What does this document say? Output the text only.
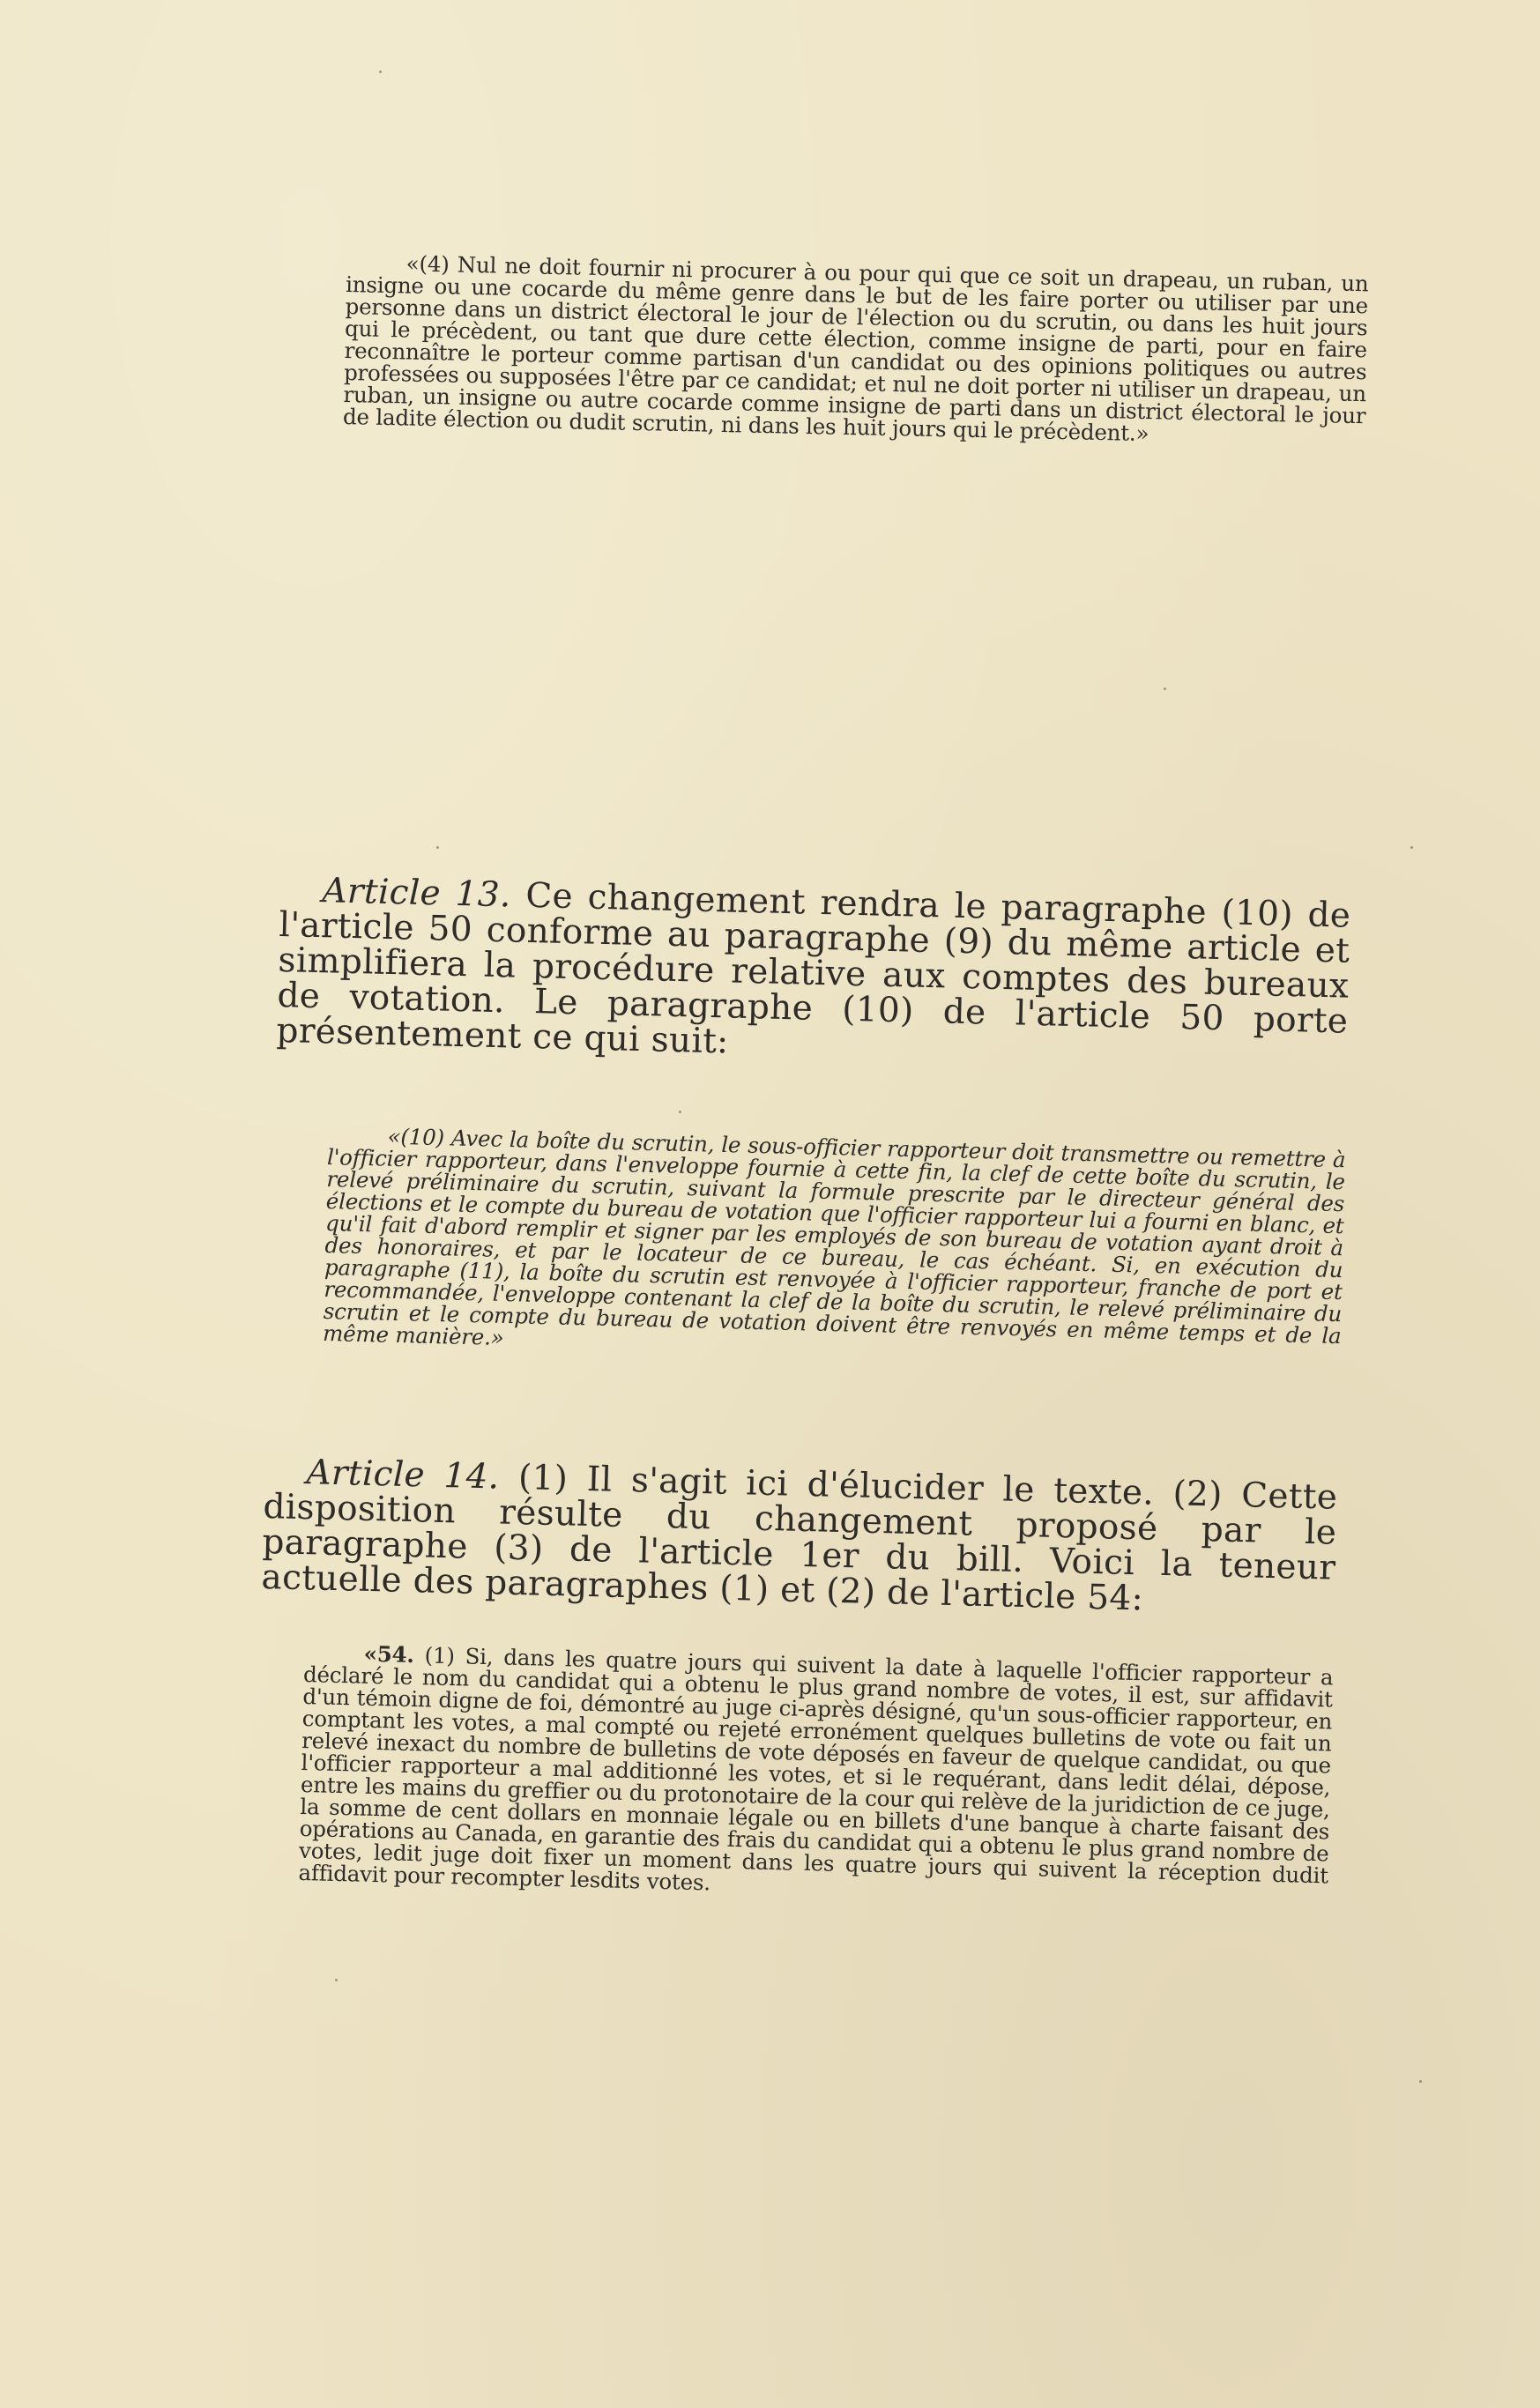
«(4) Nul ne doit fournir ni procurer à ou pour qui que ce soit un drapeau, un ruban, un insigne ou une cocarde du même genre dans le but de les faire porter ou utiliser par une personne dans un district électoral le jour de l'élection ou du scrutin, ou dans les huit jours qui le précèdent, ou tant que dure cette élection, comme insigne de parti, pour en faire reconnaître le porteur comme partisan d'un candidat ou des opinions politiques ou autres professées ou supposées l'être par ce candidat; et nul ne doit porter ni utiliser un drapeau, un ruban, un insigne ou autre cocarde comme insigne de parti dans un district électoral le jour de ladite élection ou dudit scrutin, ni dans les huit jours qui le précèdent.»

Article 13. Ce changement rendra le paragraphe (10) de l'article 50 conforme au paragraphe (9) du même article et simplifiera la procédure relative aux comptes des bureaux de votation. Le paragraphe (10) de l'article 50 porte présentement ce qui suit:

«(10) Avec la boîte du scrutin, le sous-officier rapporteur doit transmettre ou remettre à l'officier rapporteur, dans l'enveloppe fournie à cette fin, la clef de cette boîte du scrutin, le relevé préliminaire du scrutin, suivant la formule prescrite par le directeur général des élections et le compte du bureau de votation que l'officier rapporteur lui a fourni en blanc, et qu'il fait d'abord remplir et signer par les employés de son bureau de votation ayant droit à des honoraires, et par le locateur de ce bureau, le cas échéant. Si, en exécution du paragraphe (11), la boîte du scrutin est renvoyée à l'officier rapporteur, franche de port et recommandée, l'enveloppe contenant la clef de la boîte du scrutin, le relevé préliminaire du scrutin et le compte du bureau de votation doivent être renvoyés en même temps et de la même manière.»

Article 14. (1) Il s'agit ici d'élucider le texte. (2) Cette disposition résulte du changement proposé par le paragraphe (3) de l'article 1er du bill. Voici la teneur actuelle des paragraphes (1) et (2) de l'article 54:

«54. (1) Si, dans les quatre jours qui suivent la date à laquelle l'officier rapporteur a déclaré le nom du candidat qui a obtenu le plus grand nombre de votes, il est, sur affidavit d'un témoin digne de foi, démontré au juge ci-après désigné, qu'un sous-officier rapporteur, en comptant les votes, a mal compté ou rejeté erronément quelques bulletins de vote ou fait un relevé inexact du nombre de bulletins de vote déposés en faveur de quelque candidat, ou que l'officier rapporteur a mal additionné les votes, et si le requérant, dans ledit délai, dépose, entre les mains du greffier ou du protonotaire de la cour qui relève de la juridiction de ce juge, la somme de cent dollars en monnaie légale ou en billets d'une banque à charte faisant des opérations au Canada, en garantie des frais du candidat qui a obtenu le plus grand nombre de votes, ledit juge doit fixer un moment dans les quatre jours qui suivent la réception dudit affidavit pour recompter lesdits votes.
